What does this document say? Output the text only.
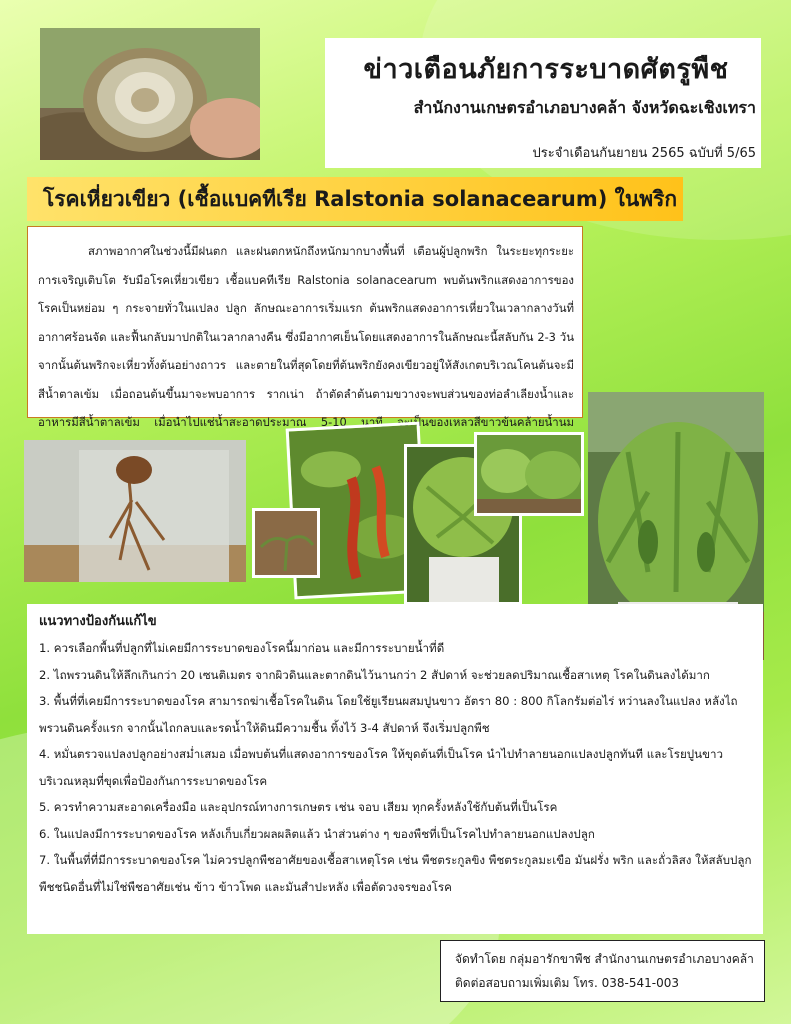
ข่าวเตือนภัยการระบาดศัตรูพืช
สำนักงานเกษตรอำเภอบางคล้า จังหวัดฉะเชิงเทรา
ประจำเดือนกันยายน 2565 ฉบับที่ 5/65
โรคเหี่ยวเขียว (เชื้อแบคทีเรีย Ralstonia solanacearum) ในพริก

สภาพอากาศในช่วงนี้มีฝนตก และฝนตกหนักถึงหนักมากบางพื้นที่ เตือนผู้ปลูกพริก ในระยะทุกระยะการเจริญเติบโต รับมือโรคเหี่ยวเขียว เชื้อแบคทีเรีย Ralstonia solanacearum พบต้นพริกแสดงอาการของโรคเป็นหย่อม ๆ กระจายทั่วในแปลง ปลูก ลักษณะอาการเริ่มแรก ต้นพริกแสดงอาการเหี่ยวในเวลากลางวันที่อากาศร้อนจัด และฟื้นกลับมาปกติในเวลากลางคืน ซึ่งมีอากาศเย็นโดยแสดงอาการในลักษณะนี้สลับกัน 2-3 วัน จากนั้นต้นพริกจะเหี่ยวทั้งต้นอย่างถาวร และตายในที่สุดโดยที่ต้นพริกยังคงเขียวอยู่ให้สังเกตบริเวณโคนต้นจะมีสีน้ำตาลเข้ม เมื่อถอนต้นขึ้นมาจะพบอาการ รากเน่า ถ้าตัดลำต้นตามขวางจะพบส่วนของท่อลำเลียงน้ำและอาหารมีสีน้ำตาลเข้ม เมื่อนำไปแช่น้ำสะอาดประมาณ 5-10 นาที จะเป็นของเหลวสีขาวข้นคล้ายน้ำนม

แนวทางป้องกันแก้ไข

1. ควรเลือกพื้นที่ปลูกที่ไม่เคยมีการระบาดของโรคนี้มาก่อน และมีการระบายน้ำที่ดี

2. ไถพรวนดินให้ลึกเกินกว่า 20 เซนติเมตร จากผิวดินและตากดินไว้นานกว่า 2 สัปดาห์ จะช่วยลดปริมาณเชื้อสาเหตุ โรคในดินลงได้มาก

3. พื้นที่ที่เคยมีการระบาดของโรค สามารถฆ่าเชื้อโรคในดิน โดยใช้ยูเรียนผสมปูนขาว อัตรา 80 : 800 กิโลกรัมต่อไร่ หว่านลงในแปลง หลังไถพรวนดินครั้งแรก จากนั้นไถกลบและรดน้ำให้ดินมีความชื้น ทิ้งไว้ 3-4 สัปดาห์ จึงเริ่มปลูกพืช

4. หมั่นตรวจแปลงปลูกอย่างสม่ำเสมอ เมื่อพบต้นที่แสดงอาการของโรค ให้ขุดต้นที่เป็นโรค นำไปทำลายนอกแปลงปลูกทันที และโรยปูนขาวบริเวณหลุมที่ขุดเพื่อป้องกันการระบาดของโรค

5. ควรทำความสะอาดเครื่องมือ และอุปกรณ์ทางการเกษตร เช่น จอบ เสียม ทุกครั้งหลังใช้กับต้นที่เป็นโรค

6. ในแปลงมีการระบาดของโรค หลังเก็บเกี่ยวผลผลิตแล้ว นำส่วนต่าง ๆ ของพืชที่เป็นโรคไปทำลายนอกแปลงปลูก

7. ในพื้นที่ที่มีการระบาดของโรค ไม่ควรปลูกพืชอาศัยของเชื้อสาเหตุโรค เช่น พืชตระกูลขิง พืชตระกูลมะเขือ มันฝรั่ง พริก และถั่วลิสง ให้สลับปลูกพืชชนิดอื่นที่ไม่ใช่พืชอาศัยเช่น ข้าว ข้าวโพด และมันสำปะหลัง เพื่อตัดวงจรของโรค

จัดทำโดย กลุ่มอารักขาพืช สำนักงานเกษตรอำเภอบางคล้า
ติดต่อสอบถามเพิ่มเติม โทร. 038-541-003
